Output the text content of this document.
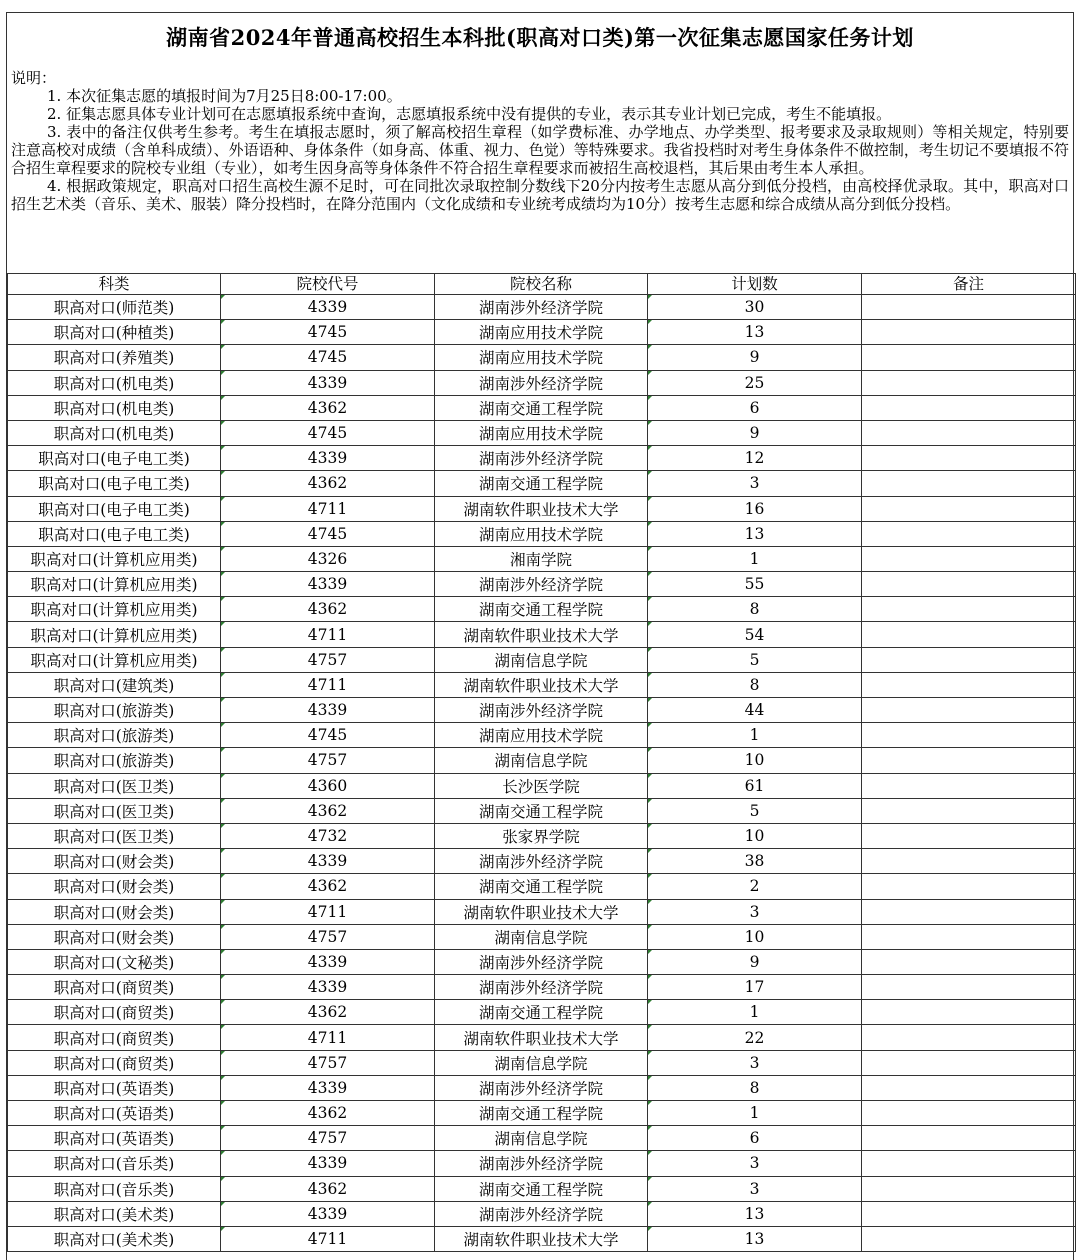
湖南省2024年普通高校招生本科批(职高对口类)第一次征集志愿国家任务计划

说明：

1. 本次征集志愿的填报时间为7月25日8:00-17:00。

2. 征集志愿具体专业计划可在志愿填报系统中查询，志愿填报系统中没有提供的专业，表示其专业计划已完成，考生不能填报。

3. 表中的备注仅供考生参考。考生在填报志愿时，须了解高校招生章程（如学费标准、办学地点、办学类型、报考要求及录取规则）等相关规定，特别要注意高校对成绩（含单科成绩）、外语语种、身体条件（如身高、体重、视力、色觉）等特殊要求。我省投档时对考生身体条件不做控制，考生切记不要填报不符合招生章程要求的院校专业组（专业），如考生因身高等身体条件不符合招生章程要求而被招生高校退档，其后果由考生本人承担。

4. 根据政策规定，职高对口招生高校生源不足时，可在同批次录取控制分数线下20分内按考生志愿从高分到低分投档，由高校择优录取。其中，职高对口招生艺术类（音乐、美术、服装）降分投档时，在降分范围内（文化成绩和专业统考成绩均为10分）按考生志愿和综合成绩从高分到低分投档。

科类	院校代号	院校名称	计划数	备注
职高对口(师范类)	4339	湖南涉外经济学院	30	
职高对口(种植类)	4745	湖南应用技术学院	13	
职高对口(养殖类)	4745	湖南应用技术学院	9	
职高对口(机电类)	4339	湖南涉外经济学院	25	
职高对口(机电类)	4362	湖南交通工程学院	6	
职高对口(机电类)	4745	湖南应用技术学院	9	
职高对口(电子电工类)	4339	湖南涉外经济学院	12	
职高对口(电子电工类)	4362	湖南交通工程学院	3	
职高对口(电子电工类)	4711	湖南软件职业技术大学	16	
职高对口(电子电工类)	4745	湖南应用技术学院	13	
职高对口(计算机应用类)	4326	湘南学院	1	
职高对口(计算机应用类)	4339	湖南涉外经济学院	55	
职高对口(计算机应用类)	4362	湖南交通工程学院	8	
职高对口(计算机应用类)	4711	湖南软件职业技术大学	54	
职高对口(计算机应用类)	4757	湖南信息学院	5	
职高对口(建筑类)	4711	湖南软件职业技术大学	8	
职高对口(旅游类)	4339	湖南涉外经济学院	44	
职高对口(旅游类)	4745	湖南应用技术学院	1	
职高对口(旅游类)	4757	湖南信息学院	10	
职高对口(医卫类)	4360	长沙医学院	61	
职高对口(医卫类)	4362	湖南交通工程学院	5	
职高对口(医卫类)	4732	张家界学院	10	
职高对口(财会类)	4339	湖南涉外经济学院	38	
职高对口(财会类)	4362	湖南交通工程学院	2	
职高对口(财会类)	4711	湖南软件职业技术大学	3	
职高对口(财会类)	4757	湖南信息学院	10	
职高对口(文秘类)	4339	湖南涉外经济学院	9	
职高对口(商贸类)	4339	湖南涉外经济学院	17	
职高对口(商贸类)	4362	湖南交通工程学院	1	
职高对口(商贸类)	4711	湖南软件职业技术大学	22	
职高对口(商贸类)	4757	湖南信息学院	3	
职高对口(英语类)	4339	湖南涉外经济学院	8	
职高对口(英语类)	4362	湖南交通工程学院	1	
职高对口(英语类)	4757	湖南信息学院	6	
职高对口(音乐类)	4339	湖南涉外经济学院	3	
职高对口(音乐类)	4362	湖南交通工程学院	3	
职高对口(美术类)	4339	湖南涉外经济学院	13	
职高对口(美术类)	4711	湖南软件职业技术大学	13	
